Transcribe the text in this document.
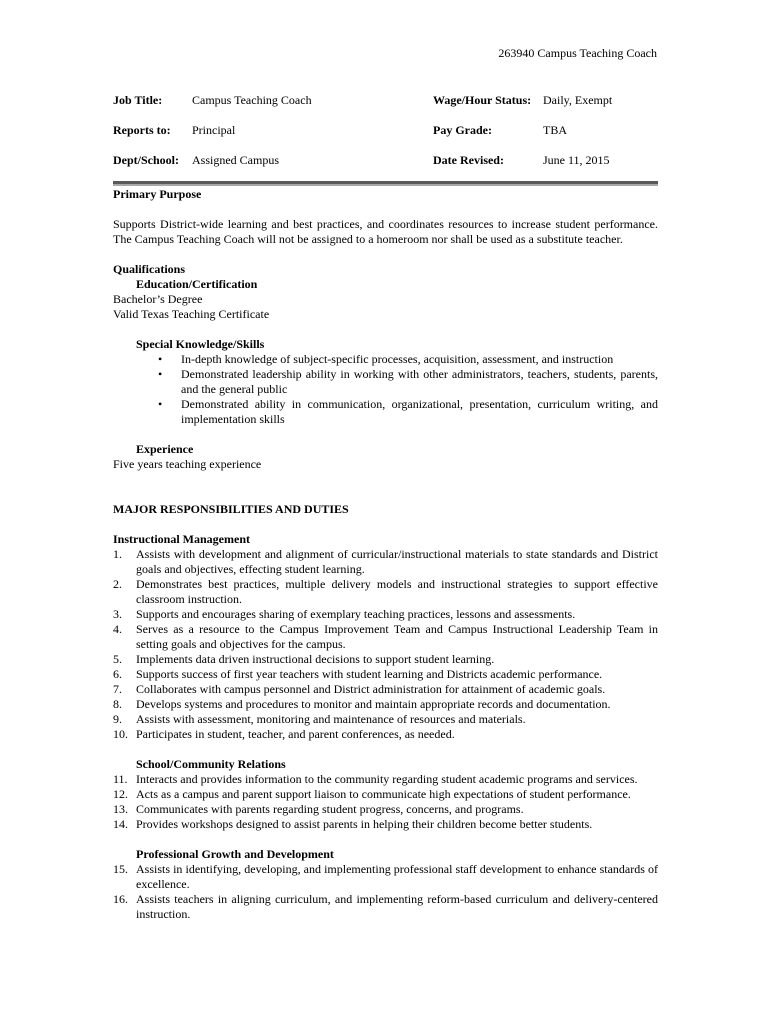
263940 Campus Teaching Coach
Job Title: Campus Teaching Coach	Wage/Hour Status: Daily, Exempt
Reports to: Principal	Pay Grade:	TBA
Dept/School: Assigned Campus	Date Revised:	June 11, 2015

Primary Purpose

Supports District-wide learning and best practices, and coordinates resources to increase student performance. The Campus Teaching Coach will not be assigned to a homeroom nor shall be used as a substitute teacher.

Qualifications

Education/Certification

Bachelor’s Degree

Valid Texas Teaching Certificate

Special Knowledge/Skills

• In-depth knowledge of subject-specific processes, acquisition, assessment, and instruction
• Demonstrated leadership ability in working with other administrators, teachers, students, parents, and the general public
• Demonstrated ability in communication, organizational, presentation, curriculum writing, and implementation skills

Experience

Five years teaching experience

MAJOR RESPONSIBILITIES AND DUTIES

Instructional Management

1.	Assists with development and alignment of curricular/instructional materials to state standards and District goals and objectives, effecting student learning.
2.	Demonstrates best practices, multiple delivery models and instructional strategies to support effective classroom instruction.
3.	Supports and encourages sharing of exemplary teaching practices, lessons and assessments.
4.	Serves as a resource to the Campus Improvement Team and Campus Instructional Leadership Team in setting goals and objectives for the campus.
5.	Implements data driven instructional decisions to support student learning.
6.	Supports success of first year teachers with student learning and Districts academic performance.
7.	Collaborates with campus personnel and District administration for attainment of academic goals.
8.	Develops systems and procedures to monitor and maintain appropriate records and documentation.
9.	Assists with assessment, monitoring and maintenance of resources and materials.
10. Participates in student, teacher, and parent conferences, as needed.

School/Community Relations

11. Interacts and provides information to the community regarding student academic programs and services.
12. Acts as a campus and parent support liaison to communicate high expectations of student performance.
13. Communicates with parents regarding student progress, concerns, and programs.
14. Provides workshops designed to assist parents in helping their children become better students.

Professional Growth and Development

15. Assists in identifying, developing, and implementing professional staff development to enhance standards of excellence.
16. Assists teachers in aligning curriculum, and implementing reform-based curriculum and delivery-centered instruction.
